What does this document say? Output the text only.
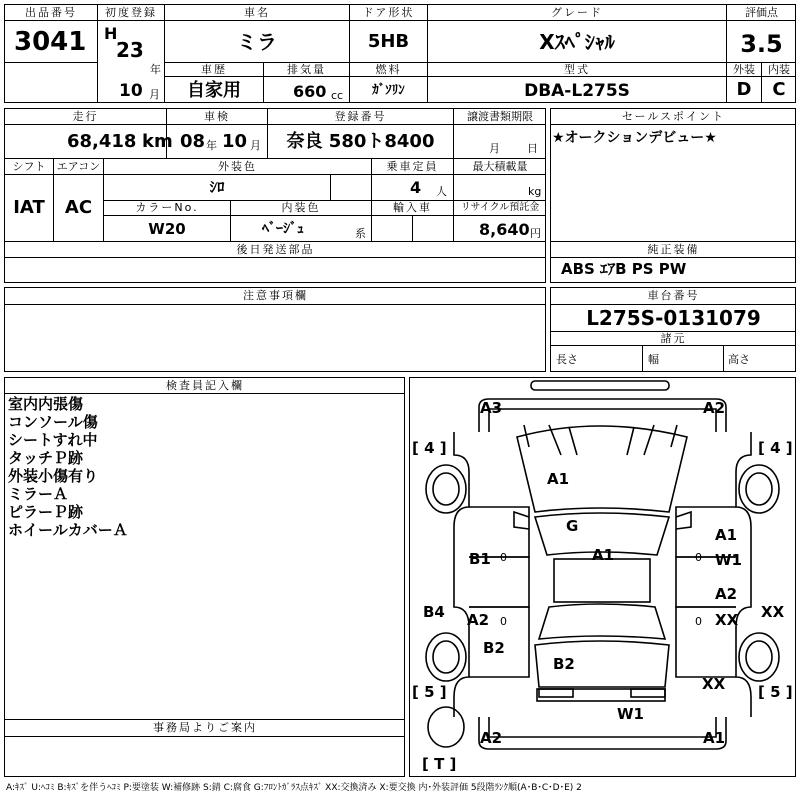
出品番号
3041
初度登録
H
23
年
10 月
車名
ミラ
車歴
自家用
排気量
660 cc
ドア形状
5HB
燃料
ｶﾞｿﾘﾝ
グレード
Xｽﾍﾟｼｬﾙ
型式
DBA-L275S
評価点
3.5
外装	内装
D	C
走行
68,418 km
車検
08 年 10 月
登録番号
奈良 580ト8400
譲渡書類期限
月 日
シフト	エアコン
IAT	AC
外装色
ｼﾛ
乗車定員
4 人
最大積載量
kg
カラーNo.
W20
内装色
ﾍﾞｰｼﾞｭ	系
輸入車	リサイクル預託金
8,640 円
後日発送部品
セールスポイント
★オークションデビュー★
純正装備
ABS ｴｱB PS PW
注意事項欄	車台番号
L275S-0131079
諸元
長さ	幅	高さ
検査員記入欄
室内内張傷
コンソール傷
シートすれ中
タッチＰ跡
外装小傷有り
ミラーＡ
ピラーＰ跡
ホイールカバーＡ
事務局よりご案内
A3	A2
[ 4 ]	[ 4 ]
A1
G
A1
B1 0	0
A1
W1
B4 A2 0	0
A2
XX XX
B2
B2
XX
[ 5 ]	[ 5 ]
W1
A2	A1
[ T ]
A:ｷｽﾞ U:ﾍｺﾐ B:ｷｽﾞを伴うﾍｺﾐ P:要塗装 W:補修跡 S:錆 C:腐食 G:ﾌﾛﾝﾄｶﾞﾗｽ点ｷｽﾞ XX:交換済み X:要交換 内･外装評価 5段階ﾗﾝｸ順(A･B･C･D･E) 2
